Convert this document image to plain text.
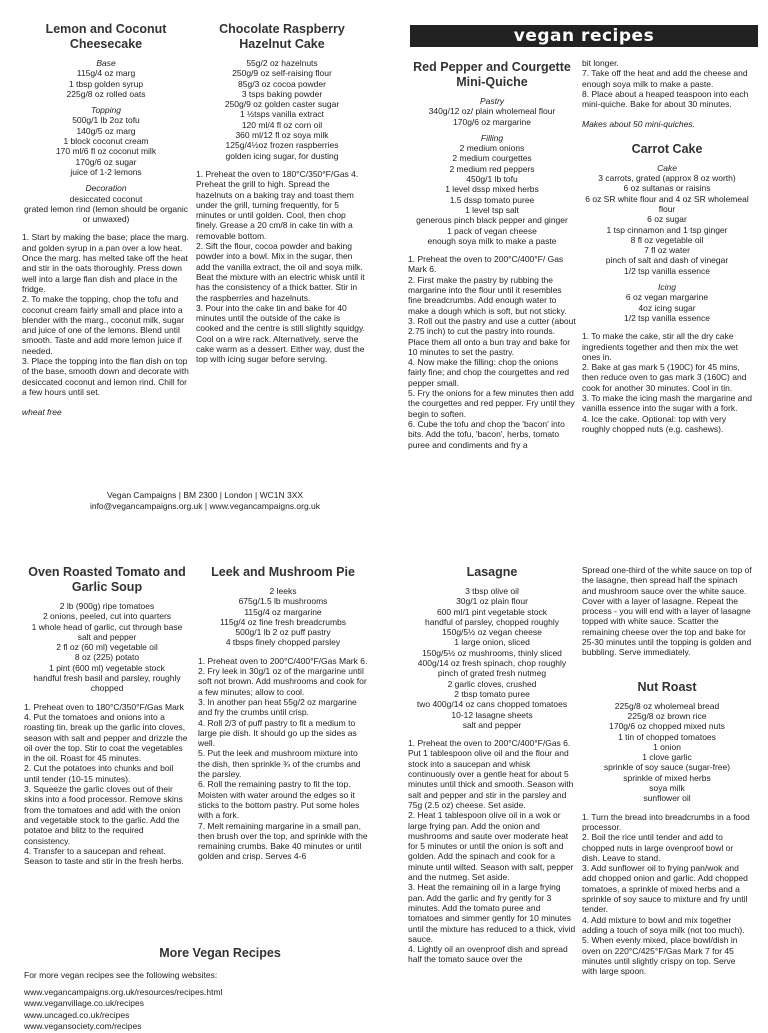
Lemon and Coconut Cheesecake
Base
115g/4 oz marg
1 tbsp golden syrup
225g/8 oz rolled oats
Topping
500g/1 lb 2oz tofu
140g/5 oz marg
1 block coconut cream
170 ml/6 fl oz coconut milk
170g/6 oz sugar
juice of 1-2 lemons
Decoration
desiccated coconut
grated lemon rind (lemon should be organic or unwaxed)
1. Start by making the base; place the marg. and golden syrup in a pan over a low heat. Once the marg. has melted take off the heat and stir in the oats thoroughly. Press down well into a large flan dish and place in the fridge.
2. To make the topping, chop the tofu and coconut cream fairly small and place into a blender with the marg., coconut milk, sugar and juice of one of the lemons. Blend until smooth. Taste and add more lemon juice if needed.
3. Place the topping into the flan dish on top of the base, smooth down and decorate with desiccated coconut and lemon rind. Chill for a few hours until set.
wheat free
Chocolate Raspberry Hazelnut Cake
55g/2 oz hazelnuts
250g/9 oz self-raising flour
85g/3 oz cocoa powder
3 tsps baking powder
250g/9 oz golden caster sugar
1 ½tsps vanilla extract
120 ml/4 fl oz corn oil
360 ml/12 fl oz soya milk
125g/4½oz frozen raspberries
golden icing sugar, for dusting
1. Preheat the oven to 180°C/350°F/Gas 4. Preheat the grill to high. Spread the hazelnuts on a baking tray and toast them under the grill, turning frequently, for 5 minutes or until golden. Cool, then chop finely. Grease a 20 cm/8 in cake tin with a removable bottom.
2. Sift the flour, cocoa powder and baking powder into a bowl. Mix in the sugar, then add the vanilla extract, the oil and soya milk. Beat the mixture with an electric whisk until it has the consistency of a thick batter. Stir in the raspberries and hazelnuts.
3. Pour into the cake tin and bake for 40 minutes until the outside of the cake is cooked and the centre is still slightly squidgy. Cool on a wire rack. Alternatively, serve the cake warm as a dessert. Either way, dust the top with icing sugar before serving.
Vegan Campaigns | BM 2300 | London | WC1N 3XX
info@vegancampaigns.org.uk | www.vegancampaigns.org.uk
vegan recipes
Red Pepper and Courgette Mini-Quiche
Pastry
340g/12 oz/ plain wholemeal flour
170g/6 oz margarine
Filling
2 medium onions
2 medium courgettes
2 medium red peppers
450g/1 lb tofu
1 level dssp mixed herbs
1.5 dssp tomato puree
1 level tsp salt
generous pinch black pepper and ginger
1 pack of vegan cheese
enough soya milk to make a paste
1. Preheat the oven to 200°C/400°F/ Gas Mark 6.
2. First make the pastry by rubbing the margarine into the flour until it resembles fine breadcrumbs. Add enough water to make a dough which is soft, but not sticky.
3. Roll out the pastry and use a cutter (about 2.75 inch) to cut the pastry into rounds. Place them all onto a bun tray and bake for 10 minutes to set the pastry.
4. Now make the filling: chop the onions fairly fine; and chop the courgettes and red pepper small.
5. Fry the onions for a few minutes then add the courgettes and red pepper. Fry until they begin to soften.
6. Cube the tofu and chop the 'bacon' into bits. Add the tofu, 'bacon', herbs, tomato puree and condiments and fry a
bit longer.
7. Take off the heat and add the cheese and enough soya milk to make a paste.
8. Place about a heaped teaspoon into each mini-quiche. Bake for about 30 minutes.
Makes about 50 mini-quiches.
Carrot Cake
Cake
3 carrots, grated (approx 8 oz worth)
6 oz sultanas or raisins
6 oz SR white flour and 4 oz SR wholemeal flour
6 oz sugar
1 tsp cinnamon and 1 tsp ginger
8 fl oz vegetable oil
7 fl oz water
pinch of salt and dash of vinegar
1/2 tsp vanilla essence
Icing
6 oz vegan margarine
4oz icing sugar
1/2 tsp vanilla essence
1. To make the cake, stir all the dry cake ingredients together and then mix the wet ones in.
2. Bake at gas mark 5 (190C) for 45 mins, then reduce oven to gas mark 3 (160C) and cook for another 30 minutes. Cool in tin.
3. To make the icing mash the margarine and vanilla essence into the sugar with a fork.
4. Ice the cake. Optional: top with very roughly chopped nuts (e.g. cashews).
Oven Roasted Tomato and Garlic Soup
2 lb (900g) ripe tomatoes
2 onions, peeled, cut into quarters
1 whole head of garlic, cut through base
salt and pepper
2 fl oz (60 ml) vegetable oil
8 oz (225) potato
1 pint (600 ml) vegetable stock
handful fresh basil and parsley, roughly chopped
1. Preheat oven to 180°C/350°F/Gas Mark 4. Put the tomatoes and onions into a roasting tin, break up the garlic into cloves, season with salt and pepper and drizzle the oil over the top. Stir to coat the vegetables in the oil. Roast for 45 minutes.
2. Cut the potatoes into chunks and boil until tender (10-15 minutes).
3. Squeeze the garlic cloves out of their skins into a food processor. Remove skins from the tomatoes and add with the onion and vegetable stock to the garlic. Add the potatoe and blitz to the required consistency.
4. Transfer to a saucepan and reheat. Season to taste and stir in the fresh herbs.
Leek and Mushroom Pie
2 leeks
675g/1.5 lb mushrooms
115g/4 oz margarine
115g/4 oz fine fresh breadcrumbs
500g/1 lb 2 oz puff pastry
4 tbsps finely chopped parsley
1. Preheat oven to 200°C/400°F/Gas Mark 6.
2. Fry leek in 30g/1 oz of the margarine until soft not brown. Add mushrooms and cook for a few minutes; allow to cool.
3. In another pan heat 55g/2 oz margarine and fry the crumbs until crisp.
4. Roll 2/3 of puff pastry to fit a medium to large pie dish. It should go up the sides as well.
5. Put the leek and mushroom mixture into the dish, then sprinkle ¾ of the crumbs and the parsley.
6. Roll the remaining pastry to fit the top. Moisten with water around the edges so it sticks to the bottom pastry. Put some holes with a fork.
7. Melt remaining margarine in a small pan, then brush over the top, and sprinkle with the remaining crumbs. Bake 40 minutes or until golden and crisp. Serves 4-6
More Vegan Recipes
For more vegan recipes see the following websites:
www.vegancampaigns.org.uk/resources/recipes.html
www.veganvillage.co.uk/recipes
www.uncaged.co.uk/recipes
www.vegansociety.com/recipes
Lasagne
3 tbsp olive oil
30g/1 oz plain flour
600 ml/1 pint vegetable stock
handful of parsley, chopped roughly
150g/5½ oz vegan cheese
1 large onion, sliced
150g/5½ oz mushrooms, thinly sliced
400g/14 oz fresh spinach, chop roughly
pinch of grated fresh nutmeg
2 garlic cloves, crushed
2 tbsp tomato puree
two 400g/14 oz cans chopped tomatoes
10-12 lasagne sheets
salt and pepper
1. Preheat the oven to 200°C/400°F/Gas 6. Put 1 tablespoon olive oil and the flour and stock into a saucepan and whisk continuously over a gentle heat for about 5 minutes until thick and smooth. Season with salt and pepper and stir in the parsley and 75g (2.5 oz) cheese. Set aside.
2. Heat 1 tablespoon olive oil in a wok or large frying pan. Add the onion and mushrooms and saute over moderate heat for 5 minutes or until the onion is soft and golden. Add the spinach and cook for a minute until wilted. Season with salt, pepper and the nutmeg. Set aside.
3. Heat the remaining oil in a large frying pan. Add the garlic and fry gently for 3 minutes. Add the tomato puree and tomatoes and simmer gently for 10 minutes until the mixture has reduced to a thick, vivid sauce.
4. Lightly oil an ovenproof dish and spread half the tomato sauce over the
Spread one-third of the white sauce on top of the lasagne, then spread half the spinach and mushroom sauce over the white sauce. Cover with a layer of lasagne. Repeat the process - you will end with a layer of lasagne topped with white sauce. Scatter the remaining cheese over the top and bake for 25-30 minutes until the topping is golden and bubbling. Serve immediately.
Nut Roast
225g/8 oz wholemeal bread
225g/8 oz brown rice
170g/6 oz chopped mixed nuts
1 tin of chopped tomatoes
1 onion
1 clove garlic
sprinkle of soy sauce (sugar-free)
sprinkle of mixed herbs
soya milk
sunflower oil
1. Turn the bread into breadcrumbs in a food processor.
2. Boil the rice until tender and add to chopped nuts in large ovenproof bowl or dish. Leave to stand.
3. Add sunflower oil to frying pan/wok and add chopped onion and garlic. Add chopped tomatoes, a sprinkle of mixed herbs and a sprinkle of soy sauce to mixture and fry until tender.
4. Add mixture to bowl and mix together adding a touch of soya milk (not too much).
5. When evenly mixed, place bowl/dish in oven on 220°C/425°F/Gas Mark 7 for 45 minutes until slightly crispy on top. Serve with large spoon.
